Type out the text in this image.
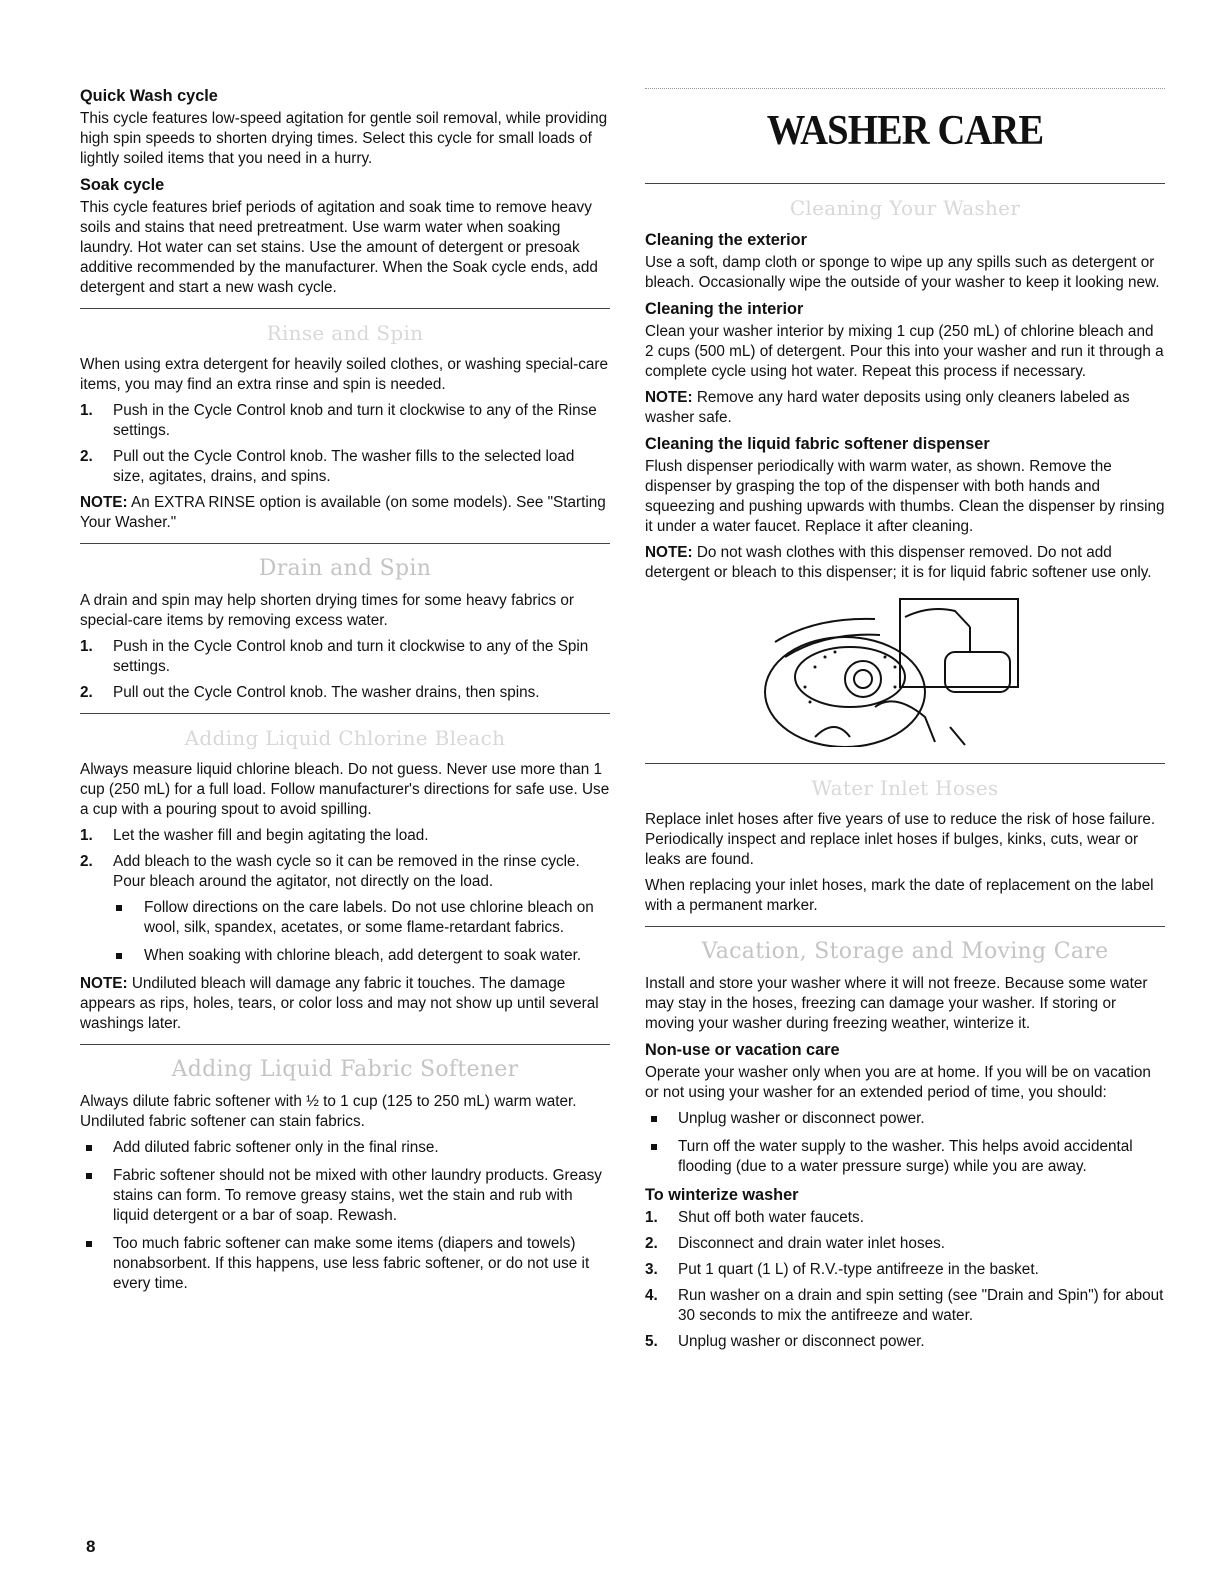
Quick Wash cycle

This cycle features low-speed agitation for gentle soil removal, while providing high spin speeds to shorten drying times. Select this cycle for small loads of lightly soiled items that you need in a hurry.

Soak cycle

This cycle features brief periods of agitation and soak time to remove heavy soils and stains that need pretreatment. Use warm water when soaking laundry. Hot water can set stains. Use the amount of detergent or presoak additive recommended by the manufacturer. When the Soak cycle ends, add detergent and start a new wash cycle.

Rinse and Spin

When using extra detergent for heavily soiled clothes, or washing special-care items, you may find an extra rinse and spin is needed.

1. Push in the Cycle Control knob and turn it clockwise to any of the Rinse settings.
2. Pull out the Cycle Control knob. The washer fills to the selected load size, agitates, drains, and spins.

NOTE: An EXTRA RINSE option is available (on some models). See "Starting Your Washer."

Drain and Spin

A drain and spin may help shorten drying times for some heavy fabrics or special-care items by removing excess water.

1. Push in the Cycle Control knob and turn it clockwise to any of the Spin settings.
2. Pull out the Cycle Control knob. The washer drains, then spins.
Adding Liquid Chlorine Bleach

Always measure liquid chlorine bleach. Do not guess. Never use more than 1 cup (250 mL) for a full load. Follow manufacturer's directions for safe use. Use a cup with a pouring spout to avoid spilling.

1. Let the washer fill and begin agitating the load.
2. Add bleach to the wash cycle so it can be removed in the rinse cycle. Pour bleach around the agitator, not directly on the load.
Follow directions on the care labels. Do not use chlorine bleach on wool, silk, spandex, acetates, or some flame-retardant fabrics.
When soaking with chlorine bleach, add detergent to soak water.

NOTE: Undiluted bleach will damage any fabric it touches. The damage appears as rips, holes, tears, or color loss and may not show up until several washings later.

Adding Liquid Fabric Softener

Always dilute fabric softener with ½ to 1 cup (125 to 250 mL) warm water. Undiluted fabric softener can stain fabrics.

Add diluted fabric softener only in the final rinse.
Fabric softener should not be mixed with other laundry products. Greasy stains can form. To remove greasy stains, wet the stain and rub with liquid detergent or a bar of soap. Rewash.
Too much fabric softener can make some items (diapers and towels) nonabsorbent. If this happens, use less fabric softener, or do not use it every time.
8
WASHER CARE
Cleaning Your Washer
Cleaning the exterior

Use a soft, damp cloth or sponge to wipe up any spills such as detergent or bleach. Occasionally wipe the outside of your washer to keep it looking new.

Cleaning the interior

Clean your washer interior by mixing 1 cup (250 mL) of chlorine bleach and 2 cups (500 mL) of detergent. Pour this into your washer and run it through a complete cycle using hot water. Repeat this process if necessary.

NOTE: Remove any hard water deposits using only cleaners labeled as washer safe.

Cleaning the liquid fabric softener dispenser

Flush dispenser periodically with warm water, as shown. Remove the dispenser by grasping the top of the dispenser with both hands and squeezing and pushing upwards with thumbs. Clean the dispenser by rinsing it under a water faucet. Replace it after cleaning.

NOTE: Do not wash clothes with this dispenser removed. Do not add detergent or bleach to this dispenser; it is for liquid fabric softener use only.

Water Inlet Hoses

Replace inlet hoses after five years of use to reduce the risk of hose failure. Periodically inspect and replace inlet hoses if bulges, kinks, cuts, wear or leaks are found.

When replacing your inlet hoses, mark the date of replacement on the label with a permanent marker.

Vacation, Storage and Moving Care

Install and store your washer where it will not freeze. Because some water may stay in the hoses, freezing can damage your washer. If storing or moving your washer during freezing weather, winterize it.

Non-use or vacation care

Operate your washer only when you are at home. If you will be on vacation or not using your washer for an extended period of time, you should:

Unplug washer or disconnect power.
Turn off the water supply to the washer. This helps avoid accidental flooding (due to a water pressure surge) while you are away.
To winterize washer
1. Shut off both water faucets.
2. Disconnect and drain water inlet hoses.
3. Put 1 quart (1 L) of R.V.-type antifreeze in the basket.
4. Run washer on a drain and spin setting (see "Drain and Spin") for about 30 seconds to mix the antifreeze and water.
5. Unplug washer or disconnect power.
